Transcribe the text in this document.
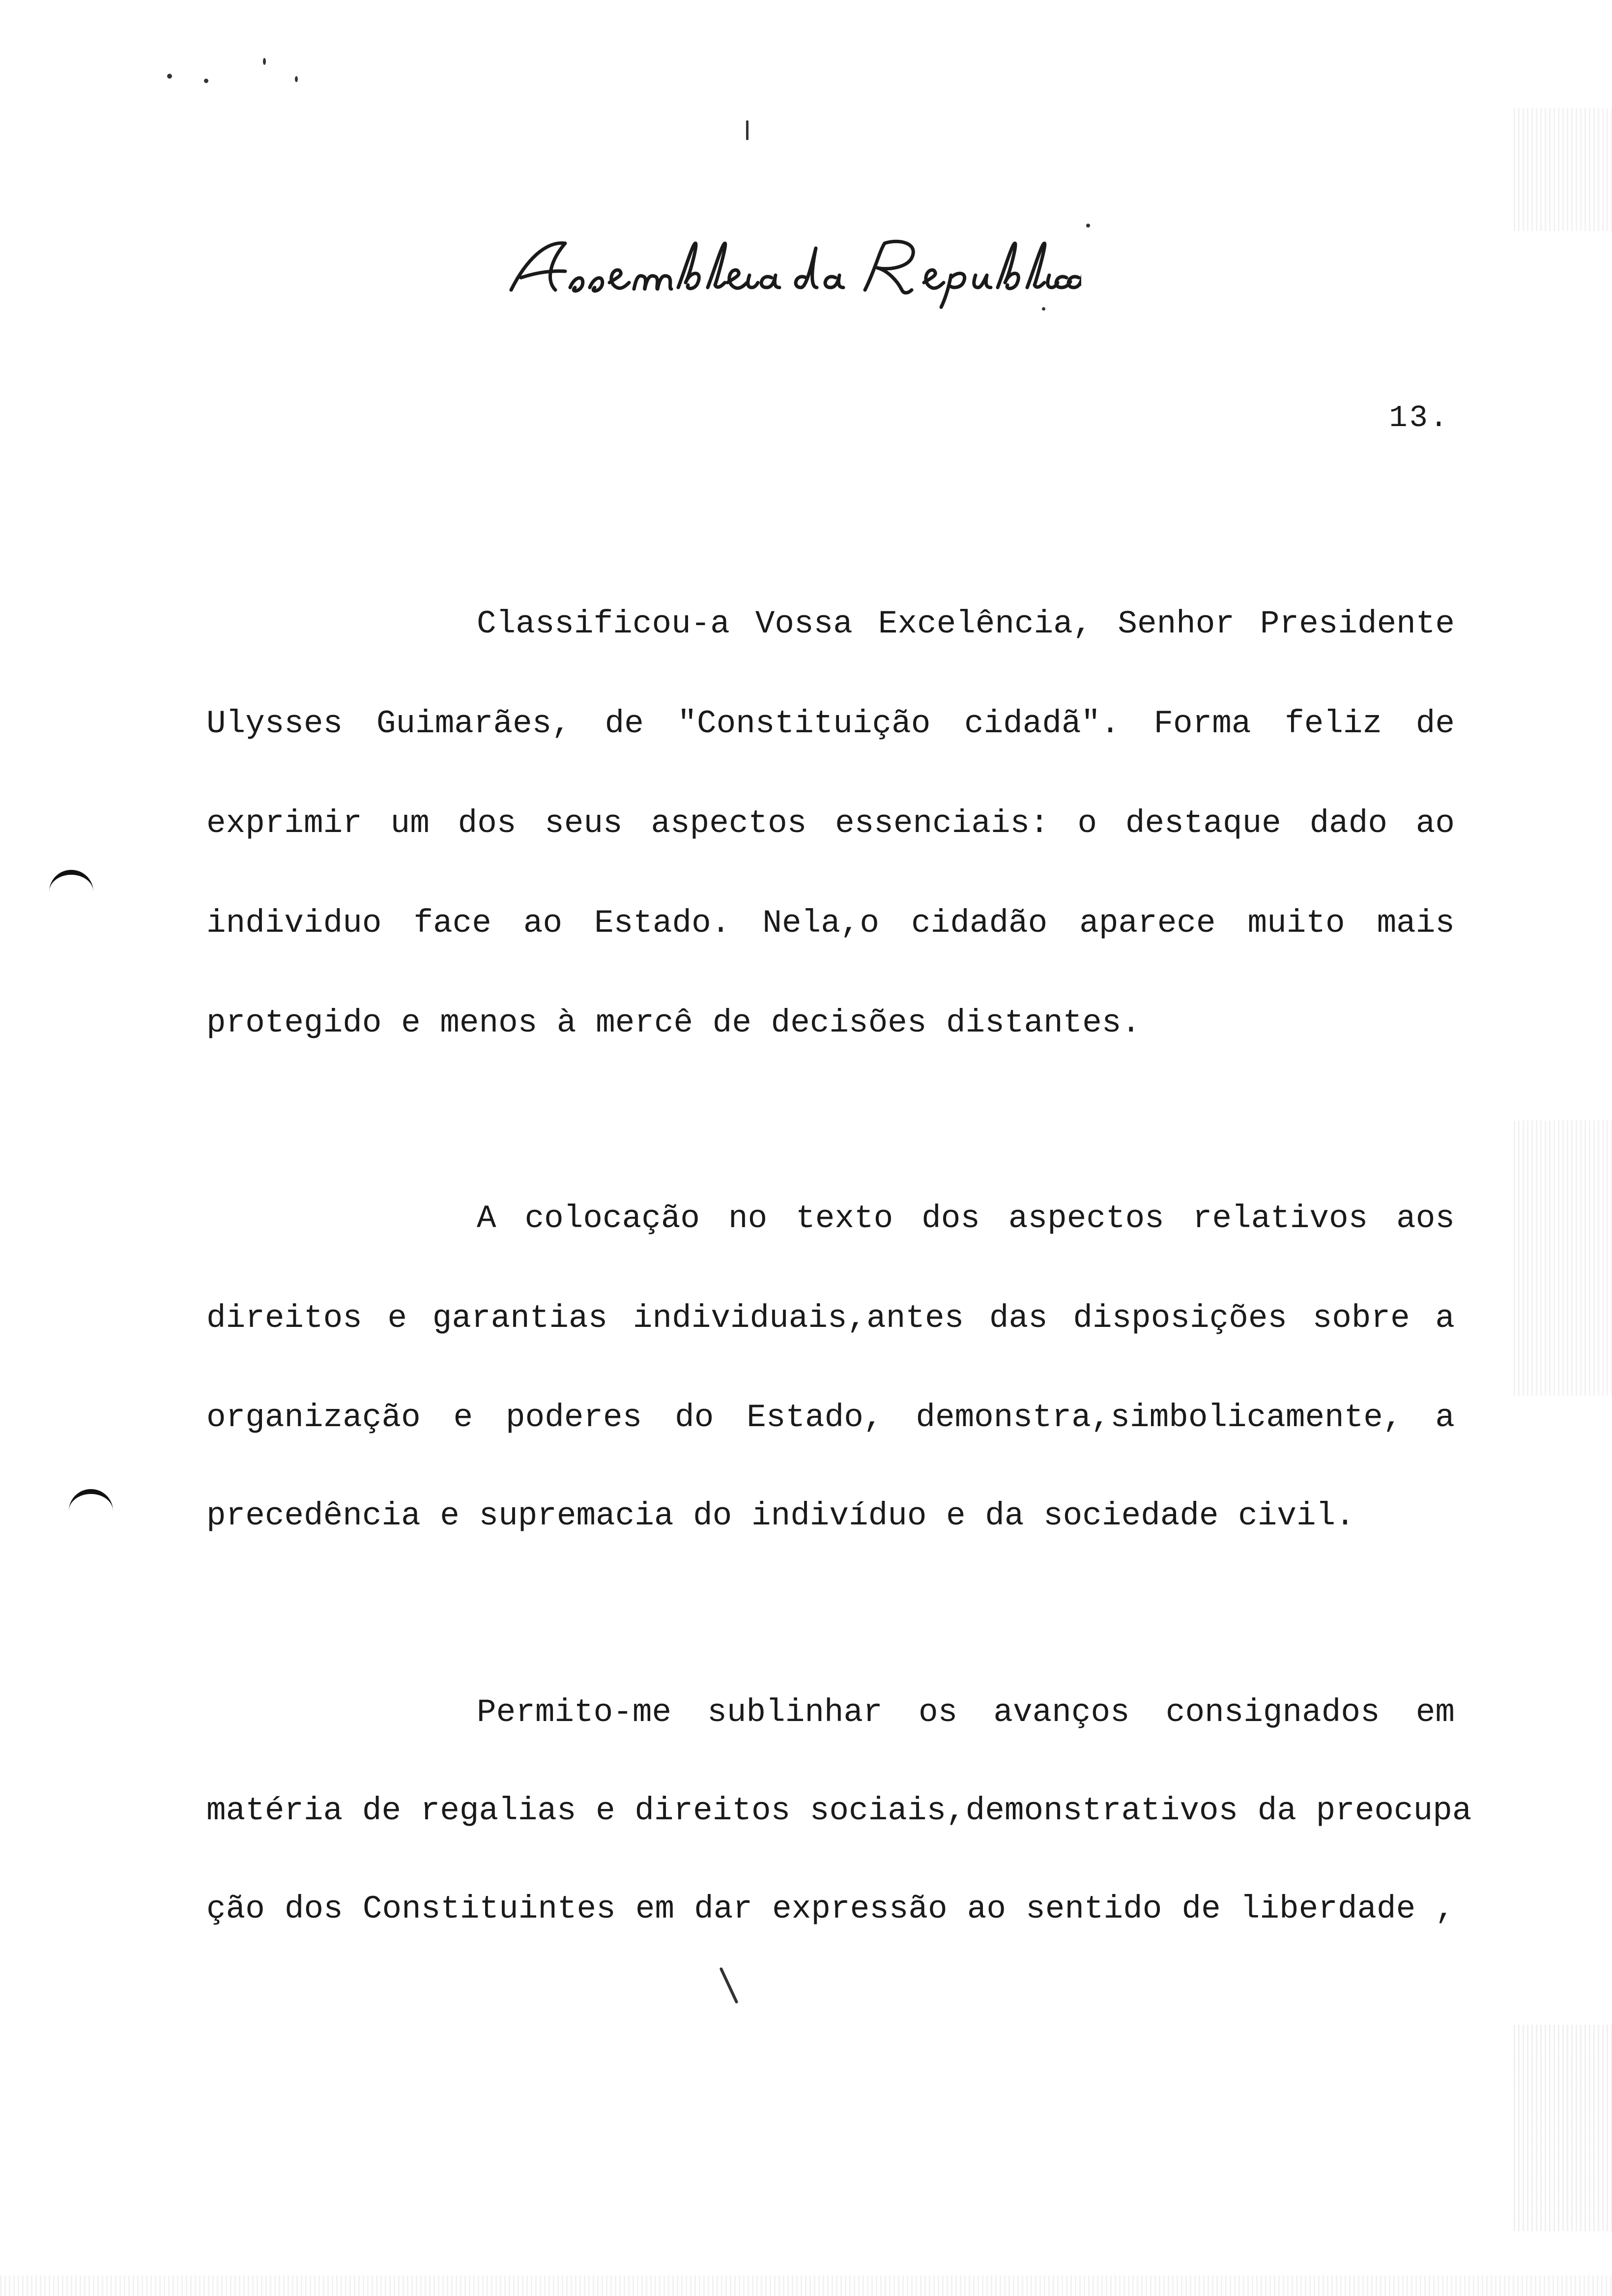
13.
Classificou-a Vossa Excelência, Senhor Presidente
Ulysses Guimarães, de "Constituição cidadã". Forma feliz de
exprimir um dos seus aspectos essenciais: o destaque dado ao
individuo face ao Estado. Nela,o cidadão aparece muito mais
protegido e menos à mercê de decisões distantes.
A colocação no texto dos aspectos relativos aos
direitos e garantias individuais,antes das disposições sobre a
organização e poderes do Estado, demonstra,simbolicamente, a
precedência e supremacia do indivíduo e da sociedade civil.
Permito-me sublinhar os avanços consignados em
matéria de regalias e direitos sociais,demonstrativos da preocupa
ção dos Constituintes em dar expressão ao sentido de liberdade ,
